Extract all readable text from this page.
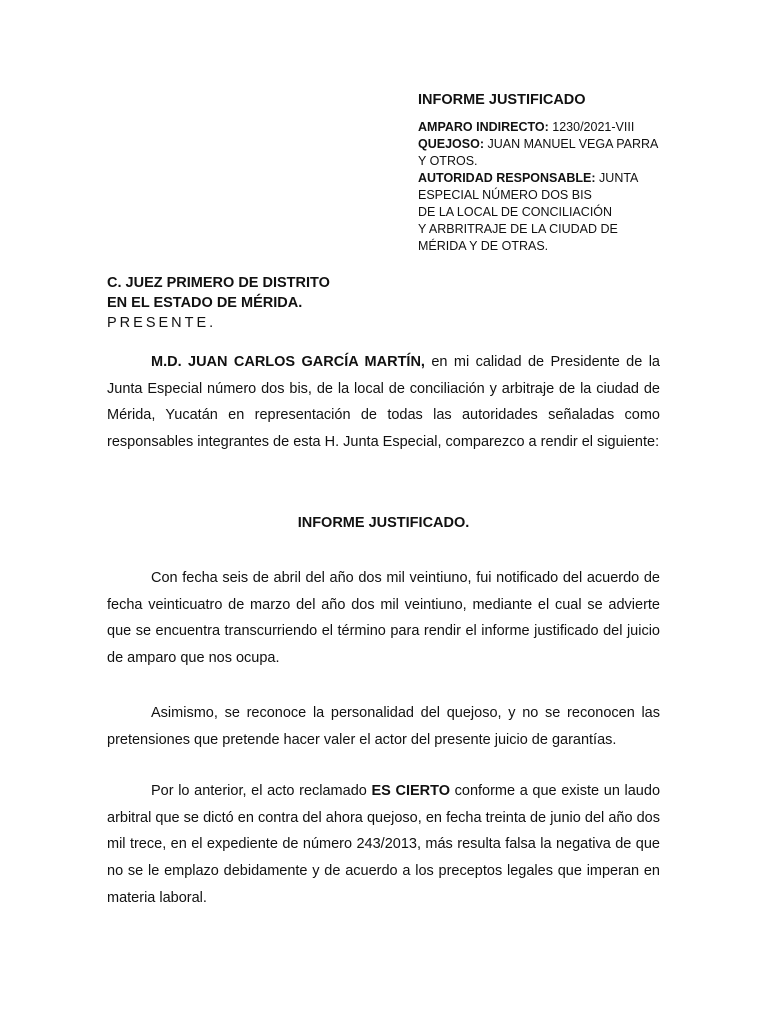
INFORME JUSTIFICADO
AMPARO INDIRECTO: 1230/2021-VIII
QUEJOSO: JUAN MANUEL VEGA PARRA
Y OTROS.
AUTORIDAD RESPONSABLE: JUNTA
ESPECIAL NÚMERO DOS BIS
DE LA LOCAL DE CONCILIACIÓN
Y ARBRITRAJE DE LA CIUDAD DE
MÉRIDA Y DE OTRAS.
C. JUEZ PRIMERO DE DISTRITO
EN EL ESTADO DE MÉRIDA.
PRESENTE.

M.D. JUAN CARLOS GARCÍA MARTÍN, en mi calidad de Presidente de la Junta Especial número dos bis, de la local de conciliación y arbitraje de la ciudad de Mérida, Yucatán en representación de todas las autoridades señaladas como responsables integrantes de esta H. Junta Especial, comparezco a rendir el siguiente:

INFORME JUSTIFICADO.

Con fecha seis de abril del año dos mil veintiuno, fui notificado del acuerdo de fecha veinticuatro de marzo del año dos mil veintiuno, mediante el cual se advierte que se encuentra transcurriendo el término para rendir el informe justificado del juicio de amparo que nos ocupa.

Asimismo, se reconoce la personalidad del quejoso, y no se reconocen las pretensiones que pretende hacer valer el actor del presente juicio de garantías.

Por lo anterior, el acto reclamado ES CIERTO conforme a que existe un laudo arbitral que se dictó en contra del ahora quejoso, en fecha treinta de junio del año dos mil trece, en el expediente de número 243/2013, más resulta falsa la negativa de que no se le emplazo debidamente y de acuerdo a los preceptos legales que imperan en materia laboral.
